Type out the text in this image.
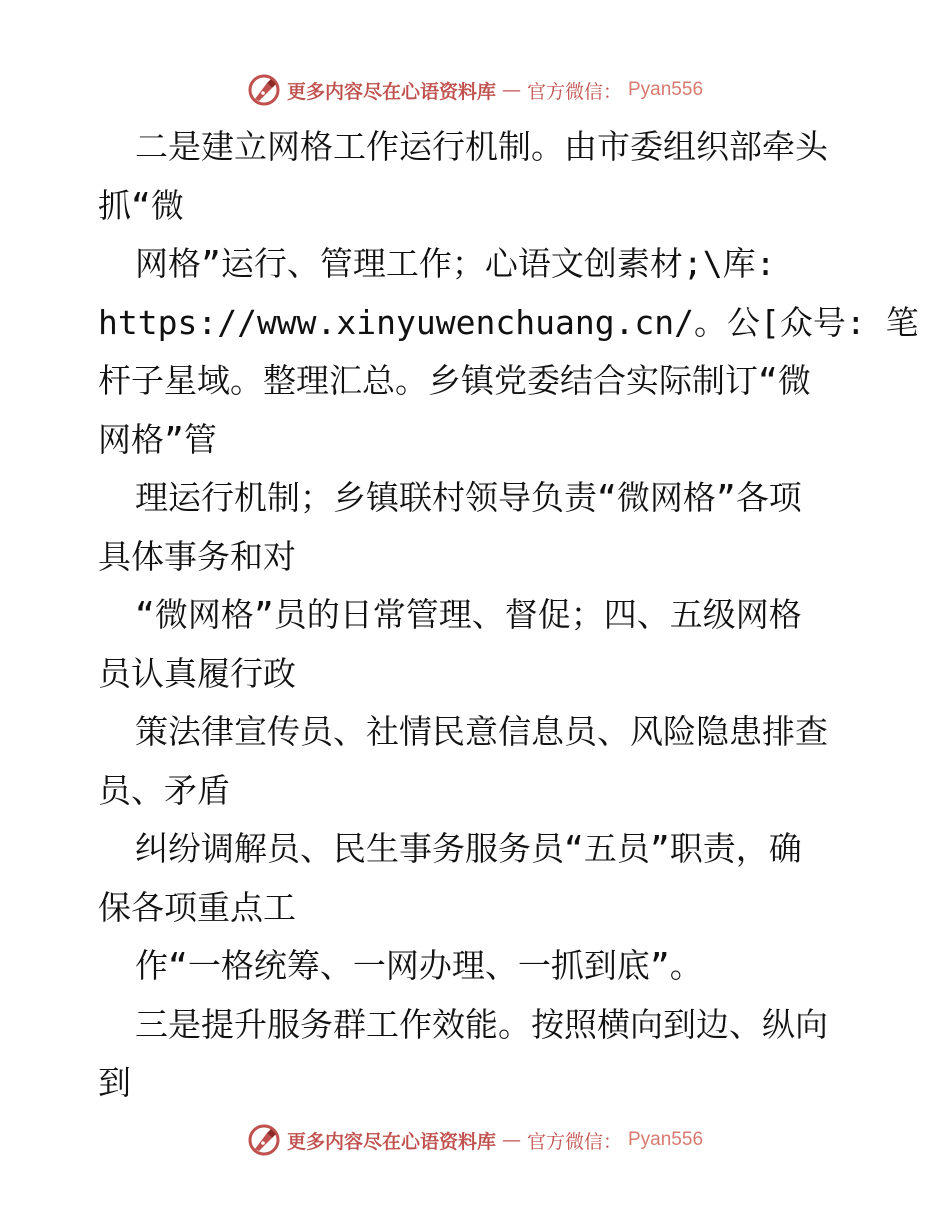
更多内容尽在心语资料库 — 官方微信： Pyan556
二是建立网格工作运行机制。由市委组织部牵头
抓“微
网格”运行、管理工作；心语文创素材;\库:
https://www.xinyuwenchuang.cn/。公[众号: 笔
杆子星域。整理汇总。乡镇党委结合实际制订“微
网格”管
理运行机制；乡镇联村领导负责“微网格”各项
具体事务和对
“微网格”员的日常管理、督促；四、五级网格
员认真履行政
策法律宣传员、社情民意信息员、风险隐患排查
员、矛盾
纠纷调解员、民生事务服务员“五员”职责，确
保各项重点工
作“一格统筹、一网办理、一抓到底”。
三是提升服务群工作效能。按照横向到边、纵向
到
更多内容尽在心语资料库 — 官方微信： Pyan556
